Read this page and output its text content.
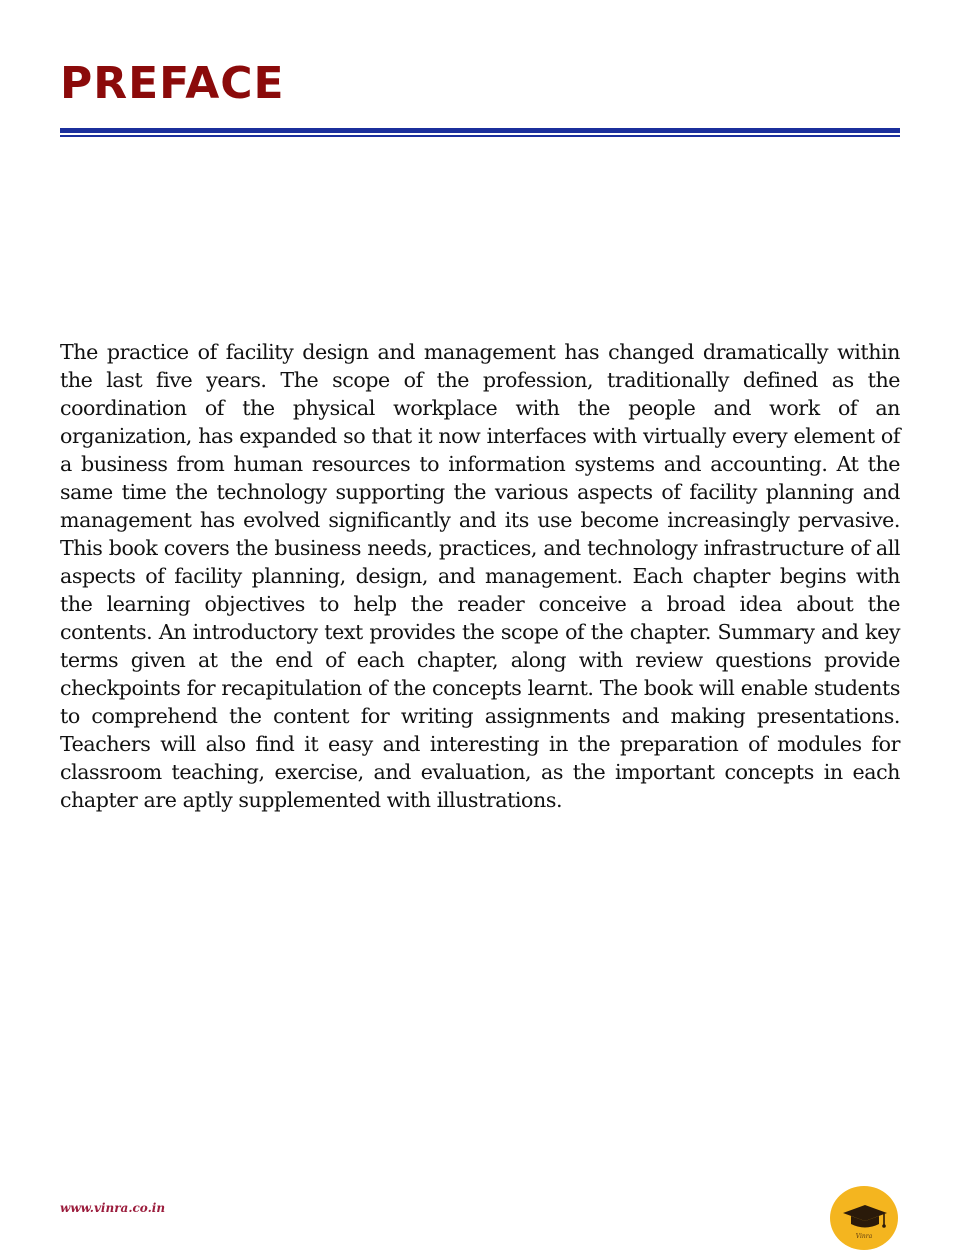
PREFACE

The practice of facility design and management has changed dramatically within the last five years. The scope of the profession, traditionally defined as the coordination of the physical workplace with the people and work of an organization, has expanded so that it now interfaces with virtually every element of a business from human resources to information systems and accounting. At the same time the technology supporting the various aspects of facility planning and management has evolved significantly and its use become increasingly pervasive. This book covers the business needs, practices, and technology infrastructure of all aspects of facility planning, design, and management. Each chapter begins with the learning objectives to help the reader conceive a broad idea about the contents. An introductory text provides the scope of the chapter. Summary and key terms given at the end of each chapter, along with review questions provide checkpoints for recapitulation of the concepts learnt. The book will enable students to comprehend the content for writing assignments and making presentations. Teachers will also find it easy and interesting in the preparation of modules for classroom teaching, exercise, and evaluation, as the important concepts in each chapter are aptly supplemented with illustrations.

www.vinra.co.in
Vinra
